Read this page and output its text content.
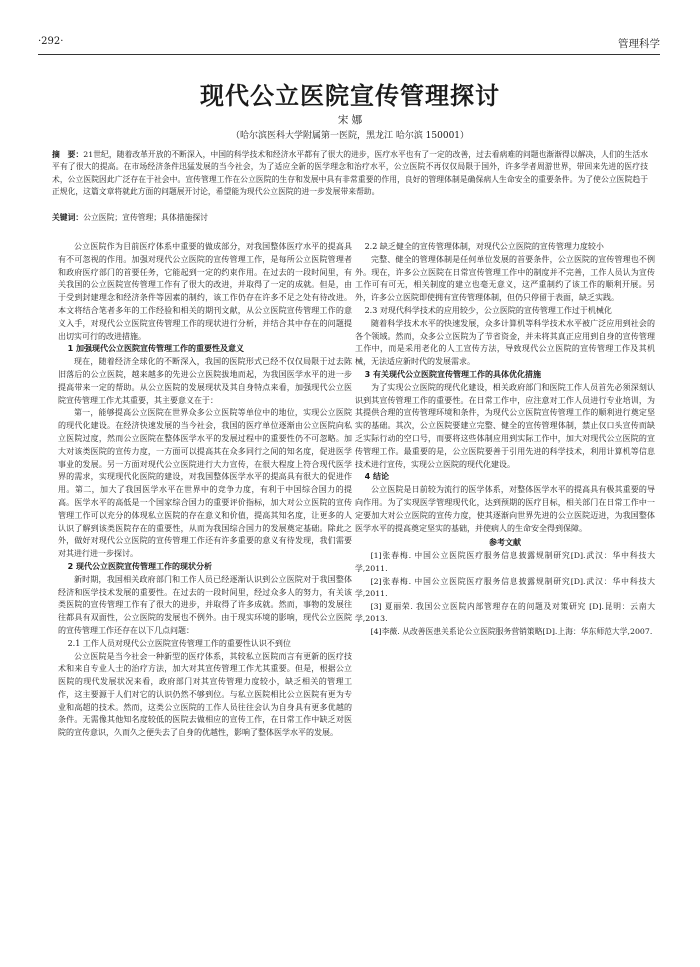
·292·	管理科学
现代公立医院宣传管理探讨
宋 娜
（哈尔滨医科大学附属第一医院，黑龙江 哈尔滨 150001）
摘　要：21世纪，随着改革开放的不断深入，中国的科学技术和经济水平都有了很大的进步，医疗水平也有了一定的改善，过去看病难的问题也渐渐得以解决，人们的生活水平有了很大的提高。在市场经济条件迅猛发展的当今社会，为了适应全新的医学理念和治疗水平，公立医院不再仅仅局限于国外，许多学者周游世界，带回来先进的医疗技术，公立医院因此广泛存在于社会中。宣传管理工作在公立医院的生存和发展中具有非常重要的作用，良好的管理体制是确保病人生命安全的重要条件。为了使公立医院趋于正规化，这篇文章将就此方面的问题展开讨论，希望能为现代公立医院的进一步发展带来帮助。
关键词：公立医院；宣传管理；具体措施探讨

公立医院作为目前医疗体系中重要的做成部分，对我国整体医疗水平的提高具有不可忽视的作用。加强对现代公立医院的宣传管理工作，是每所公立医院管理者和政府医疗部门的首要任务，它能起到一定的约束作用。在过去的一段时间里，有关我国的公立医院宣传管理工作有了很大的改进，并取得了一定的成就。但是，由于受到封建理念和经济条件等因素的制约，该工作仍存在许多不足之处有待改进。本文将结合笔者多年的工作经验和相关的期刊文献，从公立医院宣传管理工作的意义入手，对现代公立医院宣传管理工作的现状进行分析，并结合其中存在的问题提出切实可行的改进措施。

1 加强现代公立医院宣传管理工作的重要性及意义

现在，随着经济全球化的不断深入，我国的医院形式已经不仅仅局限于过去陈旧落后的公立医院，越来越多的先进公立医院拔地而起，为我国医学水平的进一步提高带来一定的帮助。从公立医院的发展现状及其自身特点来看，加强现代公立医院宣传管理工作尤其重要，其主要意义在于：

第一，能够提高公立医院在世界众多公立医院等单位中的地位，实现公立医院的现代化建设。在经济快速发展的当今社会，我国的医疗单位逐渐由公立医院向私立医院过度，然而公立医院在整体医学水平的发展过程中的重要性仍不可忽略。加大对该类医院的宣传力度，一方面可以提高其在众多同行之间的知名度，促进医学事业的发展。另一方面对现代公立医院进行大力宣传，在很大程度上符合现代医学界的需求，实现现代化医院的建设，对我国整体医学水平的提高具有很大的促进作用。第二，加大了我国医学水平在世界中的竞争力度，有利于中国综合国力的提高。医学水平的高低是一个国家综合国力的重要评价指标，加大对公立医院的宣传管理工作可以充分的体现私立医院的存在意义和价值，提高其知名度，让更多的人认识了解到该类医院存在的重要性，从而为我国综合国力的发展奠定基础。除此之外，做好对现代公立医院的宣传管理工作还有许多重要的意义有待发现，我们需要对其进行进一步探讨。

2 现代公立医院宣传管理工作的现状分析

新时期，我国相关政府部门和工作人员已经逐渐认识到公立医院对于我国整体经济和医学技术发展的重要性。在过去的一段时间里，经过众多人的努力，有关该类医院的宣传管理工作有了很大的进步，并取得了许多成就。然而，事物的发展往往都具有双面性，公立医院的发展也不例外。由于现实环境的影响，现代公立医院的宣传管理工作还存在以下几点问题：

2.1 工作人员对现代公立医院宣传管理工作的重要性认识不到位

公立医院是当今社会一种新型的医疗体系，其较私立医院而言有更新的医疗技术和来自专业人士的治疗方法，加大对其宣传管理工作尤其重要。但是，根据公立医院的现代发展状况来看，政府部门对其宣传管理力度较小，缺乏相关的管理工作，这主要源于人们对它的认识仍然不够到位。与私立医院相比公立医院有更为专业和高超的技术。然而，这类公立医院的工作人员往往会认为自身具有更多优越的条件。无需像其他知名度较低的医院去做相应的宣传工作，在日常工作中缺乏对医院的宣传意识，久而久之便失去了自身的优越性，影响了整体医学水平的发展。

2.2 缺乏健全的宣传管理体制，对现代公立医院的宣传管理力度较小

完整、健全的管理体制是任何单位发展的首要条件，公立医院的宣传管理也不例外。现在，许多公立医院在日常宣传管理工作中的制度并不完善，工作人员认为宣传工作可有可无，相关制度的建立也毫无意义，这严重制约了该工作的顺利开展。另外，许多公立医院即使拥有宣传管理体制，但仍只停留于表面，缺乏实践。

2.3 对现代科学技术的应用较少，公立医院的宣传管理工作过于机械化

随着科学技术水平的快速发展，众多计算机等科学技术水平被广泛应用到社会的各个领域。然而，众多公立医院为了节省资金，并未将其真正应用到自身的宣传管理工作中，而是采用老化的人工宣传方法，导致现代公立医院的宣传管理工作及其机械，无法适应新时代的发展需求。

3 有关现代公立医院宣传管理工作的具体优化措施

为了实现公立医院的现代化建设，相关政府部门和医院工作人员首先必须深刻认识到其宣传管理工作的重要性。在日常工作中，应注意对工作人员进行专业培训，为其提供合理的宣传管理环境和条件，为现代公立医院宣传管理工作的顺利进行奠定坚实的基础。其次，公立医院要建立完整、健全的宣传管理体制，禁止仅口头宣传而缺乏实际行动的空口号，而要将这些体制应用到实际工作中，加大对现代公立医院的宣传管理工作。最重要的是，公立医院要善于引用先进的科学技术，利用计算机等信息技术进行宣传，实现公立医院的现代化建设。

4 结论

公立医院是日前较为流行的医学体系，对整体医学水平的提高具有极其重要的导向作用。为了实现医学管理现代化，达到预期的医疗目标，相关部门在日常工作中一定要加大对公立医院的宣传力度，使其逐渐向世界先进的公立医院迈进，为我国整体医学水平的提高奠定坚实的基础，并使病人的生命安全得到保障。

参考文献

[1]张春梅. 中国公立医院医疗服务信息披露规制研究[D].武汉：华中科技大学,2011.

[2]张春梅. 中国公立医院医疗服务信息披露规制研究[D].武汉：华中科技大学,2011.

[3] 夏丽荣. 我国公立医院内部管理存在的问题及对策研究 [D].昆明：云南大学,2013.

[4]李薇. 从改善医患关系论公立医院服务营销策略[D].上海：华东师范大学,2007.
